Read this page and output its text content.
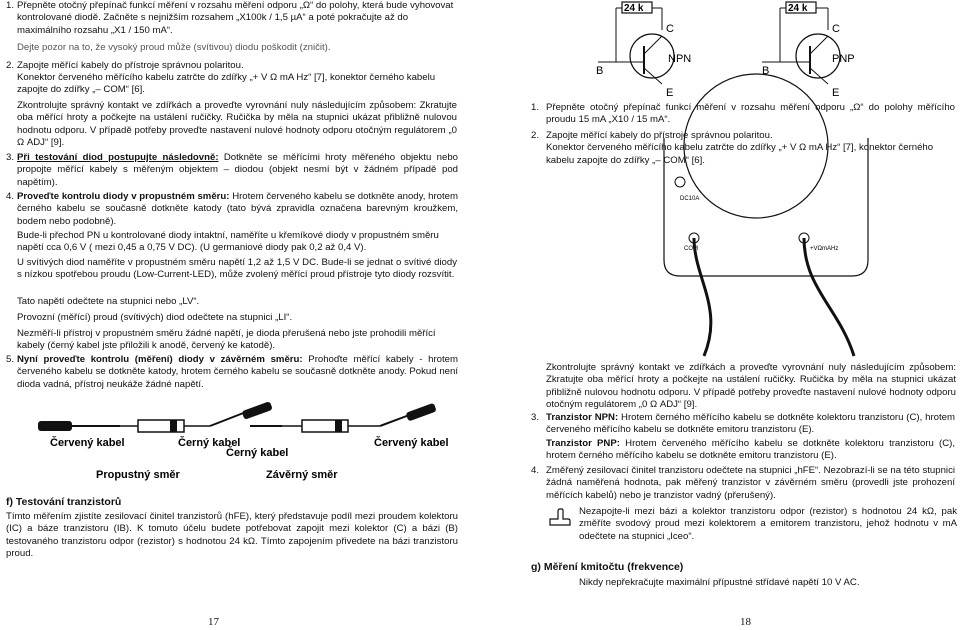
1. Přepněte otočný přepínač funkcí měření v rozsahu měření odporu „Ω“ do polohy, která bude vyhovovat kontrolované diodě. Začněte s nejnižším rozsahem „X100k / 1,5 µA“ a poté pokračujte až do maximálního rozsahu „X1 / 150 mA“.

Dejte pozor na to, že vysoký proud může (svítivou) diodu poškodit (zničit).

2. Zapojte měřící kabely do přístroje správnou polaritou.

Konektor červeného měřícího kabelu zatrčte do zdířky „+ V Ω mA Hz“ [7], konektor černého kabelu zapojte do zdířky „– COM“ [6].

Zkontrolujte správný kontakt ve zdířkách a proveďte vyrovnání nuly následujícím způsobem: Zkratujte oba měřící hroty a počkejte na ustálení ručičky. Ručička by měla na stupnici ukázat přibližně nulovou hodnotu odporu. V případě potřeby proveďte nastavení nulové hodnoty odporu otočným regulátorem „0 Ω ADJ“ [9].

3. Při testování diod postupujte následovně: Dotkněte se měřícími hroty měřeného objektu nebo propojte měřící kabely s měřeným objektem – diodou (objekt nesmí být v žádném případě pod napětím).

4. Proveďte kontrolu diody v propustném směru: Hrotem červeného kabelu se dotkněte anody, hrotem černého kabelu se současně dotkněte katody (tato bývá zpravidla označena barevným kroužkem, bodem nebo podobně).

Bude-li přechod PN u kontrolované diody intaktní, naměříte u křemíkové diody v propustném směru napětí cca 0,6 V ( mezi 0,45 a 0,75 V DC). (U germaniové diody pak 0,2 až 0,4 V).

U svítivých diod naměříte v propustném směru napětí 1,2 až 1,5 V DC. Bude-li se jednat o svítivé diody s nízkou spotřebou proudu (Low-Current-LED), může zvolený měřící proud přístroje tyto diody rozsvítit.

Tato napětí odečtete na stupnici nebo „LV“.

Provozní (měřící) proud (svítivých) diod odečtete na stupnici „LI“.

Nezměří-li přístroj v propustném směru žádné napětí, je dioda přerušená nebo jste prohodili měřící kabely (černý kabel jste přiložili k anodě, červený ke katodě).

5. Nyní proveďte kontrolu (měření) diody v závěrném směru: Prohoďte měřící kabely - hrotem červeného kabelu se dotkněte katody, hrotem černého kabelu se současně dotkněte anody. Pokud není dioda vadná, přístroj neukáže žádné napětí.

Červený kabel	Černý kabel
Propustný směr
Černý kabel
Červený kabel
Závěrný směr

f) Testování tranzistorů

Tímto měřením zjistíte zesilovací činitel tranzistorů (hFE), který představuje podíl mezi proudem kolektoru (IC) a báze tranzistoru (IB). K tomuto účelu budete potřebovat zapojit mezi kolektor (C) a bázi (B) testovaného tranzistoru odpor (rezistor) s hodnotou 24 kΩ. Tímto zapojením přivedete na bázi tranzistoru proud.

17

24 k
C
B
E
NPN
24 k
C
B
E
PNP
DC10A
COM	+VΩmAHz
1. Přepněte otočný přepínač funkcí měření v rozsahu měření odporu „Ω“ do polohy měřícího proudu 15 mA „X10 / 15 mA“.

2. Zapojte měřící kabely do přístroje správnou polaritou.

Konektor červeného měřícího kabelu zatrčte do zdířky „+ V Ω mA Hz“ [7], konektor černého kabelu zapojte do zdířky „– COM“ [6].

Zkontrolujte správný kontakt ve zdířkách a proveďte vyrovnání nuly následujícím způsobem: Zkratujte oba měřící hroty a počkejte na ustálení ručičky. Ručička by měla na stupnici ukázat přibližně nulovou hodnotu odporu. V případě potřeby proveďte nastavení nulové hodnoty odporu otočným regulátorem „0 Ω ADJ“ [9].

3. Tranzistor NPN: Hrotem černého měřícího kabelu se dotkněte kolektoru tranzistoru (C), hrotem červeného měřícího kabelu se dotkněte emitoru tranzistoru (E).

Tranzistor PNP: Hrotem červeného měřícího kabelu se dotkněte kolektoru tranzistoru (C), hrotem černého měřícího kabelu se dotkněte emitoru tranzistoru (E).

4. Změřený zesilovací činitel tranzistoru odečtete na stupnici „hFE“. Nezobrazí-li se na této stupnici žádná naměřená hodnota, pak měřený tranzistor v závěrném směru (provedli jste prohození měřících kabelů) nebo je tranzistor vadný (přerušený).

Nezapojte-li mezi bázi a kolektor tranzistoru odpor (rezistor) s hodnotou 24 kΩ, pak změříte svodový proud mezi kolektorem a emitorem tranzistoru, jehož hodnotu v mA odečtete na stupnici „Iceo“.

g) Měření kmitočtu (frekvence)

Nikdy nepřekračujte maximální přípustné střídavé napětí 10 V AC.

18
